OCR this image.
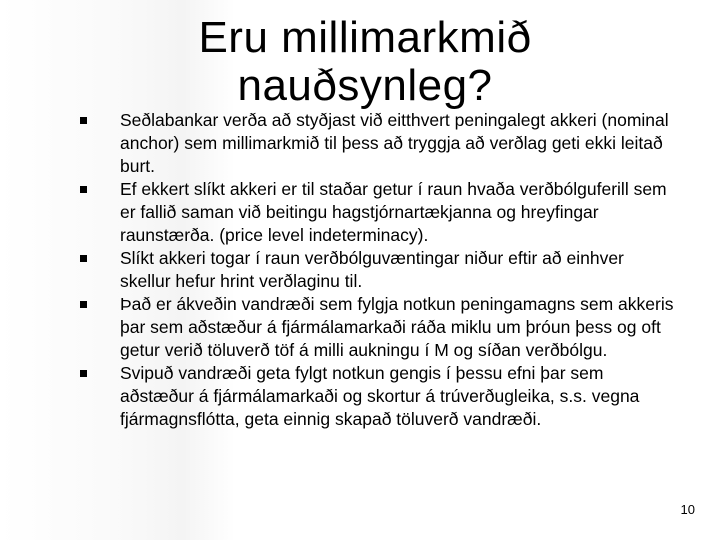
Eru millimarkmið nauðsynleg?
Seðlabankar verða að styðjast við eitthvert peningalegt akkeri (nominal anchor) sem millimarkmið til þess að tryggja að verðlag geti ekki leitað burt.
Ef ekkert slíkt akkeri er til staðar getur í raun hvaða verðbólguferill sem er fallið saman við beitingu hagstjórnartækjanna og hreyfingar raunstærða. (price level indeterminacy).
Slíkt akkeri togar í raun verðbólguvæntingar niður eftir að einhver skellur hefur hrint verðlaginu til.
Það er ákveðin vandræði sem fylgja notkun peningamagns sem akkeris þar sem aðstæður á fjármálamarkaði ráða miklu um þróun þess og oft getur verið töluverð töf á milli aukningu í M og síðan verðbólgu.
Svipuð vandræði geta fylgt notkun gengis í þessu efni þar sem aðstæður á fjármálamarkaði og skortur á trúverðugleika, s.s. vegna fjármagnsflótta, geta einnig skapað töluverð vandræði.
10
